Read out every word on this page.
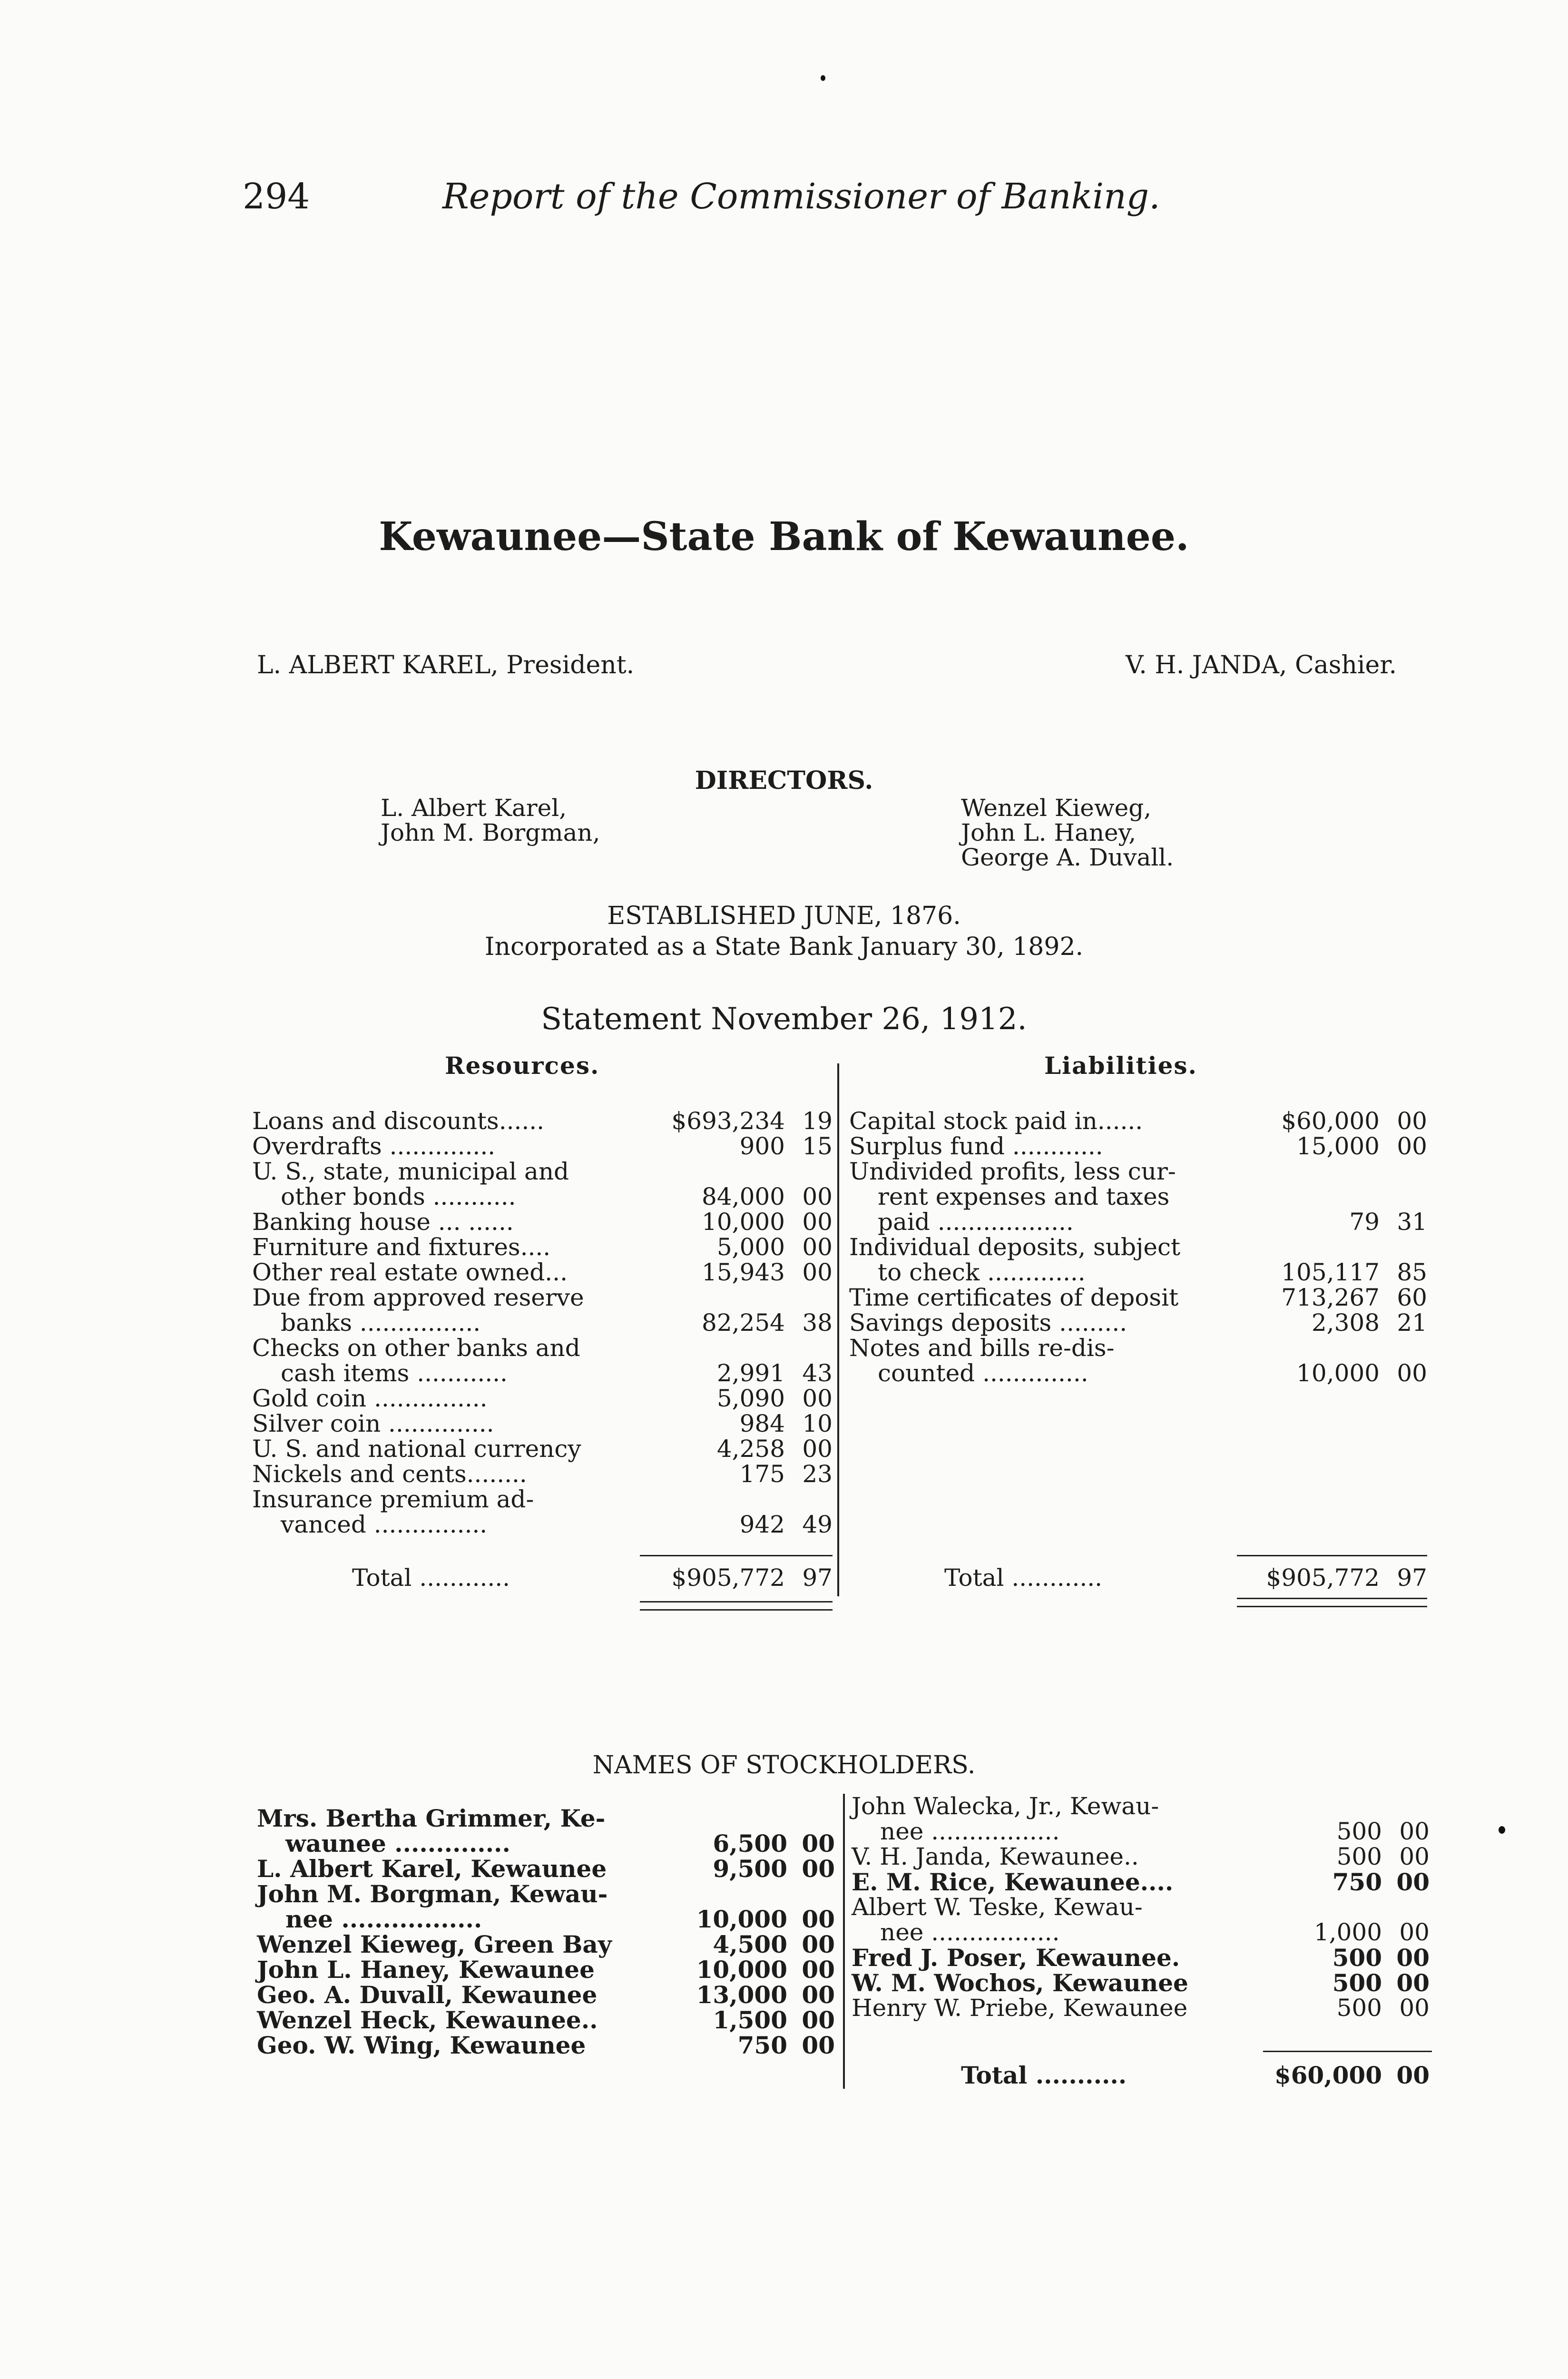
294	Report of the Commissioner of Banking.
Kewaunee—State Bank of Kewaunee.
L. ALBERT KAREL, President.	V. H. JANDA, Cashier.
DIRECTORS.
L. Albert Karel,
John M. Borgman,
Wenzel Kieweg,
John L. Haney,
George A. Duvall.
ESTABLISHED JUNE, 1876.
Incorporated as a State Bank January 30, 1892.
Statement November 26, 1912.
Resources.	Liabilities.
Loans and discounts......	$693,234 19
Overdrafts ..............	900 15
U. S., state, municipal and
other bonds ...........	84,000 00
Banking house ... ......	10,000 00
Furniture and fixtures....	5,000 00
Other real estate owned...	15,943 00
Due from approved reserve
banks ................	82,254 38
Checks on other banks and
cash items ............	2,991 43
Gold coin ...............	5,090 00
Silver coin ..............	984 10
U. S. and national currency	4,258 00
Nickels and cents........	175 23
Insurance premium ad-
vanced ...............	942 49
Capital stock paid in......	$60,000 00
Surplus fund ............	15,000 00
Undivided profits, less cur-
rent expenses and taxes
paid ..................	79 31
Individual deposits, subject
to check .............	105,117 85
Time certificates of deposit	713,267 60
Savings deposits .........	2,308 21
Notes and bills re-dis-
counted ..............	10,000 00
Total ............	$905,772 97	Total ............	$905,772 97
NAMES OF STOCKHOLDERS.
Mrs. Bertha Grimmer, Ke-
waunee ..............	6,500 00
L. Albert Karel, Kewaunee	9,500 00
John M. Borgman, Kewau-
nee .................	10,000 00
Wenzel Kieweg, Green Bay	4,500 00
John L. Haney, Kewaunee	10,000 00
Geo. A. Duvall, Kewaunee	13,000 00
Wenzel Heck, Kewaunee..	1,500 00
Geo. W. Wing, Kewaunee	750 00
John Walecka, Jr., Kewau-
nee .................	500 00
V. H. Janda, Kewaunee..	500 00
E. M. Rice, Kewaunee....	750 00
Albert W. Teske, Kewau-
nee .................	1,000 00
Fred J. Poser, Kewaunee.	500 00
W. M. Wochos, Kewaunee	500 00
Henry W. Priebe, Kewaunee	500 00
Total ...........	$60,000 00
